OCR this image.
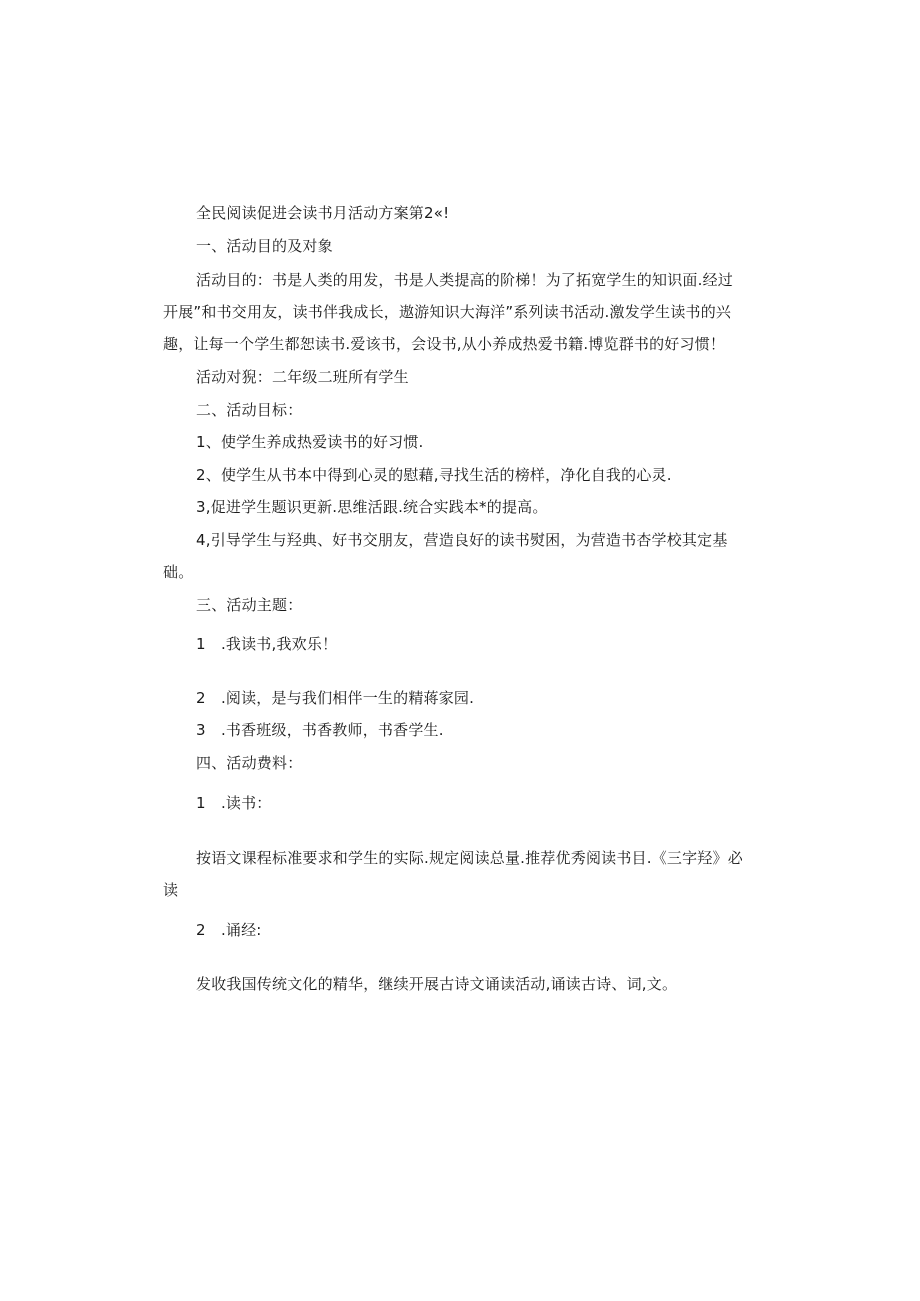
全民阅读促进会读书月活动方案第2«!
一、活动目的及对象
活动目的：书是人类的用发，书是人类提高的阶梯！为了拓宽学生的知识面.经过
开展”和书交用友，读书伴我成长，遨游知识大海洋”系列读书活动.激发学生读书的兴
趣，让每一个学生都恕读书.爱该书，会设书,从小养成热爱书籍.博览群书的好习惯！
活动对猊：二年级二班所有学生
二、活动目标：
1、使学生养成热爱读书的好习惯.
2、使学生从书本中得到心灵的慰藉,寻找生活的榜样，净化自我的心灵.
3,促进学生题识更新.思维活跟.统合实践本*的提高。
4,引导学生与羟典、好书交朋友，营造良好的读书熨困，为营造书杏学校其定基
础。
三、活动主题：
1　.我读书,我欢乐！
2　.阅读，是与我们相伴一生的精蒋家园.
3　.书香班级，书香教师，书香学生.
四、活动费料：
1　.读书：
按语文课程标准要求和学生的实际.规定阅读总量.推荐优秀阅读书目.《三字羟》必
读
2　.诵经:
发收我国传统文化的精华，继续开展古诗文诵读活动,诵读古诗、词,文。
